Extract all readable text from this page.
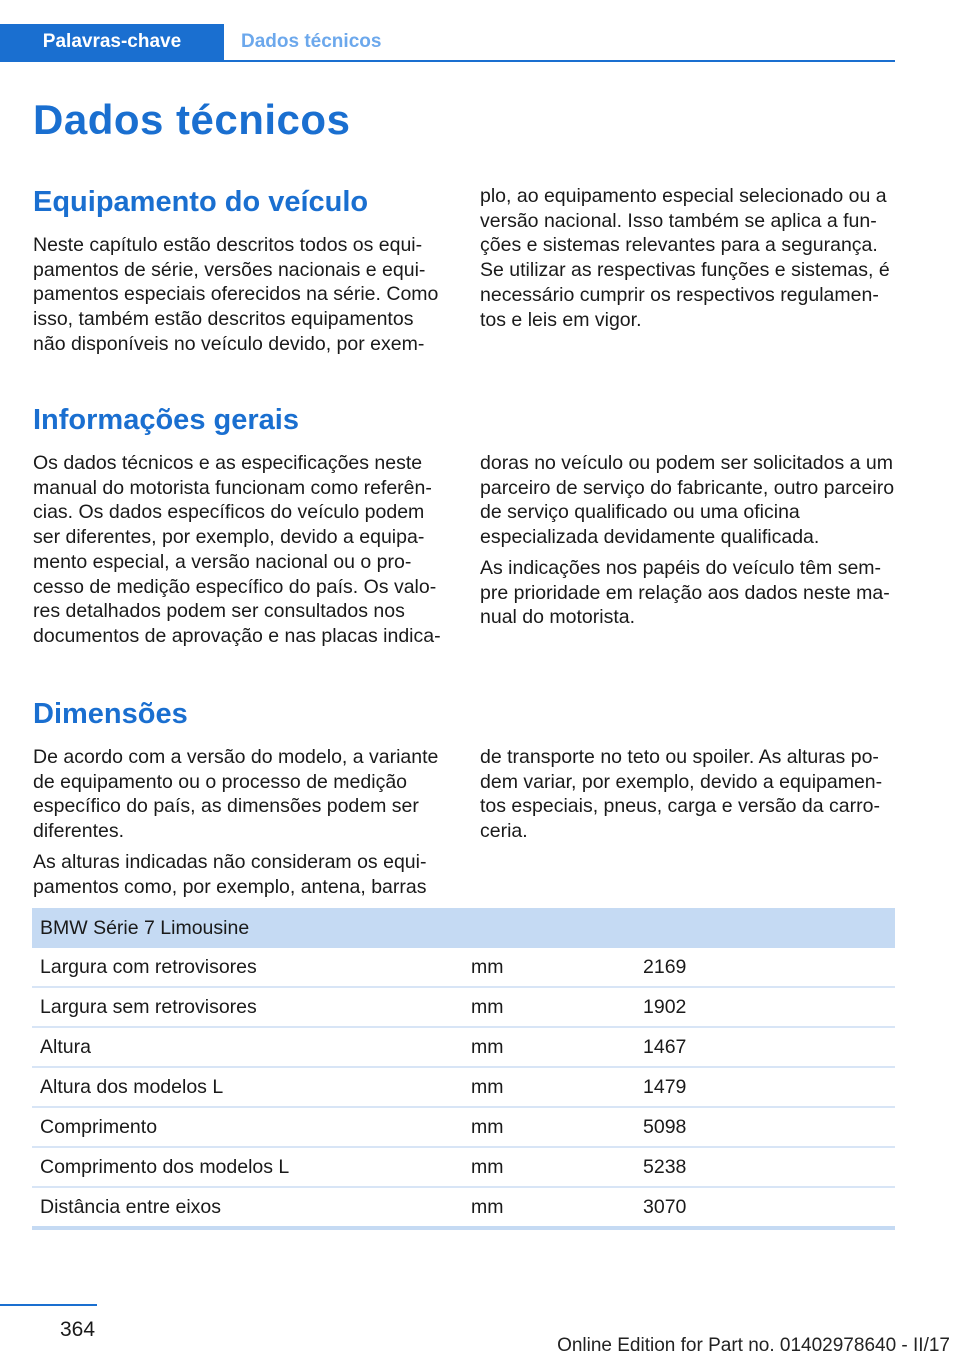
Palavras-chave	Dados técnicos
Dados técnicos
Equipamento do veículo

Neste capítulo estão descritos todos os equi-pamentos de série, versões nacionais e equi-pamentos especiais oferecidos na série. Como isso, também estão descritos equipamentos não disponíveis no veículo devido, por exem-

plo, ao equipamento especial selecionado ou a versão nacional. Isso também se aplica a fun-ções e sistemas relevantes para a segurança. Se utilizar as respectivas funções e sistemas, é necessário cumprir os respectivos regulamen-tos e leis em vigor.

Informações gerais

Os dados técnicos e as especificações neste manual do motorista funcionam como referên-cias. Os dados específicos do veículo podem ser diferentes, por exemplo, devido a equipa-mento especial, a versão nacional ou o pro-cesso de medição específico do país. Os valo-res detalhados podem ser consultados nos documentos de aprovação e nas placas indica-

doras no veículo ou podem ser solicitados a um parceiro de serviço do fabricante, outro parceiro de serviço qualificado ou uma oficina especializada devidamente qualificada.

As indicações nos papéis do veículo têm sem-pre prioridade em relação aos dados neste ma-nual do motorista.

Dimensões

De acordo com a versão do modelo, a variante de equipamento ou o processo de medição específico do país, as dimensões podem ser diferentes.

As alturas indicadas não consideram os equi-pamentos como, por exemplo, antena, barras

de transporte no teto ou spoiler. As alturas po-dem variar, por exemplo, devido a equipamen-tos especiais, pneus, carga e versão da carro-ceria.

BMW Série 7 Limousine		
Largura com retrovisores	mm	2169
Largura sem retrovisores	mm	1902
Altura	mm	1467
Altura dos modelos L	mm	1479
Comprimento	mm	5098
Comprimento dos modelos L	mm	5238
Distância entre eixos	mm	3070
364
Online Edition for Part no. 01402978640 - II/17
